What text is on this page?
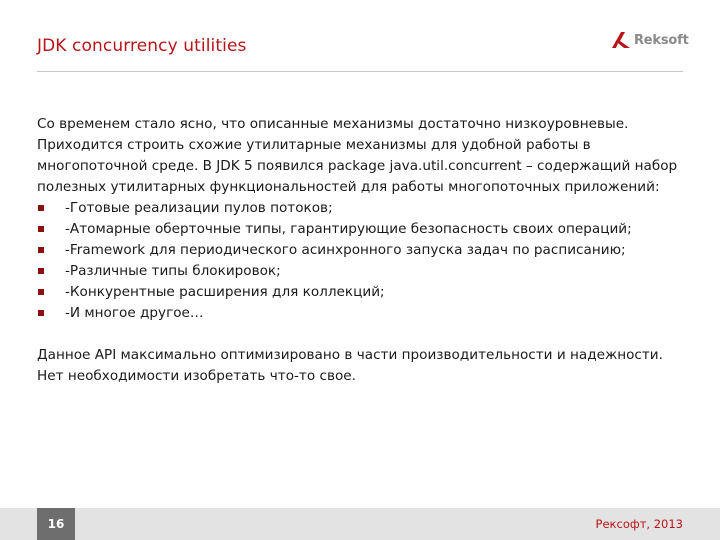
JDK concurrency utilities	Reksoft

Со временем стало ясно, что описанные механизмы достаточно низкоуровневые. Приходится строить схожие утилитарные механизмы для удобной работы в многопоточной среде. В JDK 5 появился package java.util.concurrent – содержащий набор полезных утилитарных функциональностей для работы многопоточных приложений:

-Готовые реализации пулов потоков;
-Атомарные оберточные типы, гарантирующие безопасность своих операций;
-Framework для периодического асинхронного запуска задач по расписанию;
-Различные типы блокировок;
-Конкурентные расширения для коллекций;
-И многое другое…

Данное API максимально оптимизировано в части производительности и надежности. Нет необходимости изобретать что-то свое.

16	Рексофт, 2013
